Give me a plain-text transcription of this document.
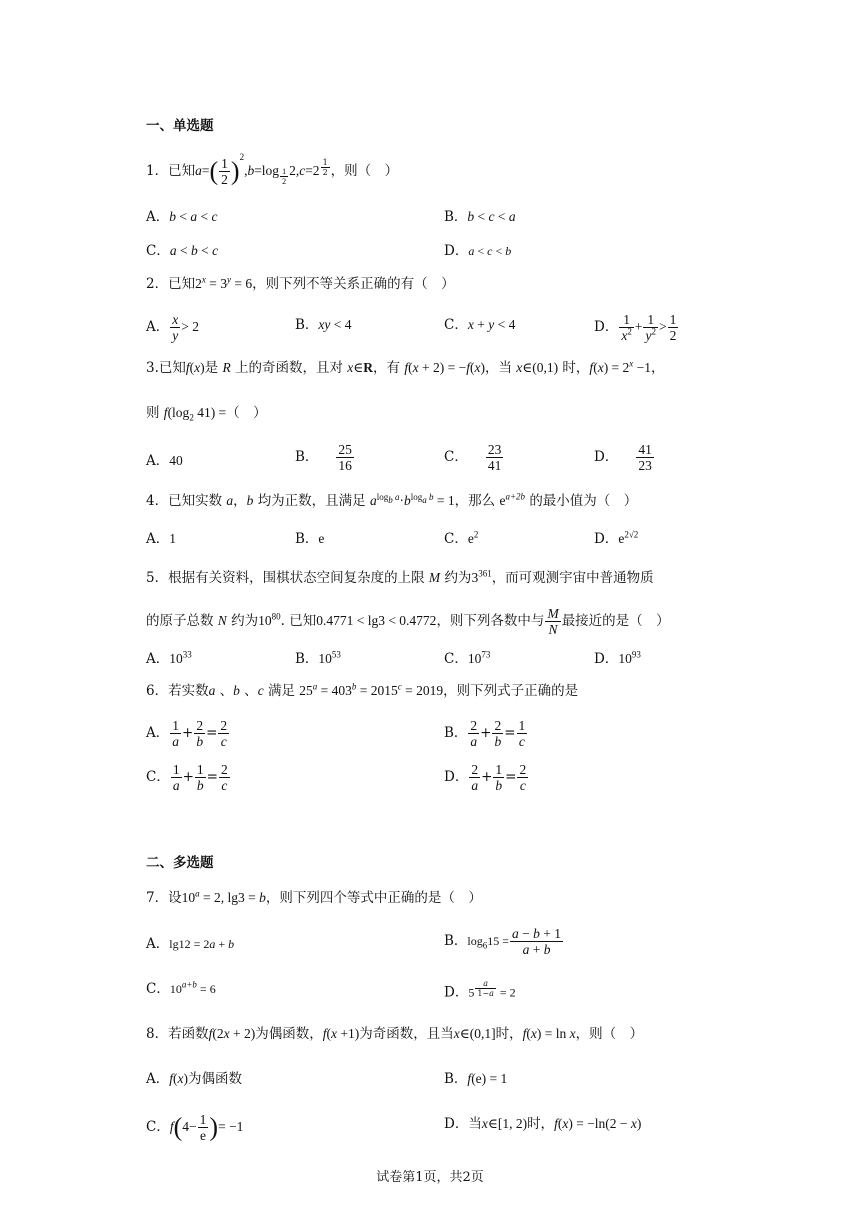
一、单选题
1．已知$a=( \frac{1}{2} )^2,b=\log$ $_{\frac{1}{2}}$ 2,c=2 $^{\frac{1}{2}}$ ，则（　）
A．b < a < c	B．b < c < a
C．a < b < c	D．a < c < b
2．已知$2^x = 3^y = 6$，则下列不等关系正确的有（　）
A． $\frac{x}{y} > 2$	B．xy < 4	C．x + y < 4	D． $\frac{1}{x^2} + \frac{1}{y^2} > \frac{1}{2}$
3.已知f(x)是 R 上的奇函数，且对 x∈R，有 f(x + 2) = −f(x)，当 x∈(0,1) 时，$f(x) = 2^x -1$，
则 $f(\log_2$ 41) =（　）
A．40	B． $\frac{25}{16}$	C． $\frac{23}{41}$	D． $\frac{41}{23}$
4．已知实数 a，b 均为正数，且满足 $a^{log_b a}\cdot b^{log_a b} = 1$，那么 $e^{a+2b}$ 的最小值为（　）
A．1	B．e	C．$e^2$	D．$e^{2√2}$
5．根据有关资料，围棋状态空间复杂度的上限 M 约为$3^{361}$，而可观测宇宙中普通物质
的原子总数 N 约为$10^{80}$. 已知0.4771 < lg3 < 0.4772，则下列各数中与 $\frac{M}{N}$ 最接近的是（　）
A．$10^{33}$	B．$10^{53}$	C．$10^{73}$	D．$10^{93}$
6．若实数a 、b 、c 满足 $25^a = 403^b = 2015^c = 2019$，则下列式子正确的是
A． $\frac{1}{a} + \frac{2}{b} = \frac{2}{c}$	B． $\frac{2}{a} + \frac{2}{b} = \frac{1}{c}$
C． $\frac{1}{a} + \frac{1}{b} = \frac{2}{c}$	D． $\frac{2}{a} + \frac{1}{b} = \frac{2}{c}$
二、多选题
7．设$10^a = 2$, lg3 = b，则下列四个等式中正确的是（　）
A．lg12 = 2a + b	B．$\log_615 = \frac{a - b + 1}{a + b}$
C．$10^{a+b} = 6$	D．5 $^{\frac{a}{1-a}}$ = 2
8．若函数f(2x + 2)为偶函数，f(x +1)为奇函数，且当x∈(0,1]时，f(x) = ln x，则（　）
A．f(x)为偶函数	B．f(e) = 1
C．$f(4- \frac{1}{e}$ )= −1	D．当x∈[1, 2)时，f(x) = −ln(2 − x)
试卷第1页，共2页
